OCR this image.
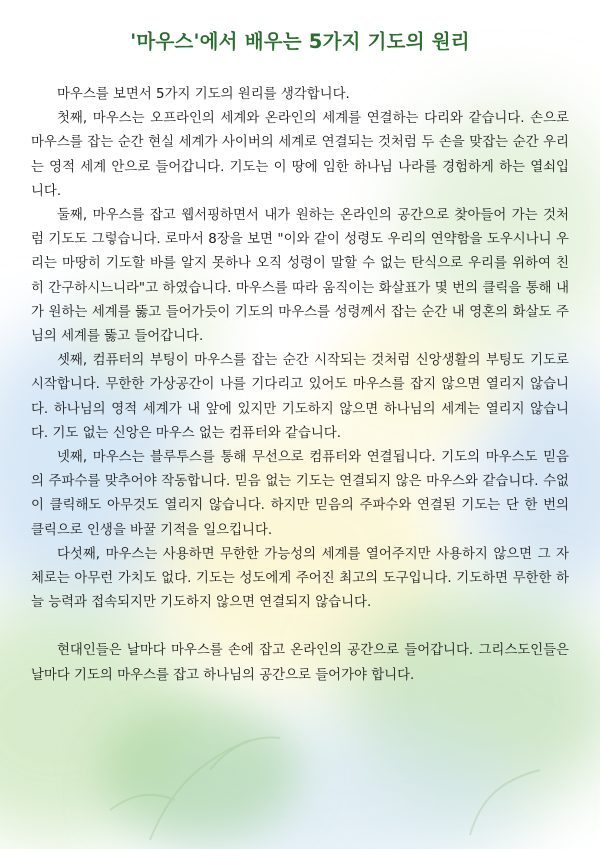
'마우스'에서 배우는 5가지 기도의 원리

마우스를 보면서 5가지 기도의 원리를 생각합니다.

첫째, 마우스는 오프라인의 세계와 온라인의 세계를 연결하는 다리와 같습니다. 손으로 마우스를 잡는 순간 현실 세계가 사이버의 세계로 연결되는 것처럼 두 손을 맞잡는 순간 우리는 영적 세계 안으로 들어갑니다. 기도는 이 땅에 임한 하나님 나라를 경험하게 하는 열쇠입니다.

둘째, 마우스를 잡고 웹서핑하면서 내가 원하는 온라인의 공간으로 찾아들어 가는 것처럼 기도도 그렇습니다. 로마서 8장을 보면 "이와 같이 성령도 우리의 연약함을 도우시나니 우리는 마땅히 기도할 바를 알지 못하나 오직 성령이 말할 수 없는 탄식으로 우리를 위하여 친히 간구하시느니라"고 하였습니다. 마우스를 따라 움직이는 화살표가 몇 번의 클릭을 통해 내가 원하는 세계를 뚫고 들어가듯이 기도의 마우스를 성령께서 잡는 순간 내 영혼의 화살도 주님의 세계를 뚫고 들어갑니다.

셋째, 컴퓨터의 부팅이 마우스를 잡는 순간 시작되는 것처럼 신앙생활의 부팅도 기도로 시작합니다. 무한한 가상공간이 나를 기다리고 있어도 마우스를 잡지 않으면 열리지 않습니다. 하나님의 영적 세계가 내 앞에 있지만 기도하지 않으면 하나님의 세계는 열리지 않습니다. 기도 없는 신앙은 마우스 없는 컴퓨터와 같습니다.

넷째, 마우스는 블루투스를 통해 무선으로 컴퓨터와 연결됩니다. 기도의 마우스도 믿음의 주파수를 맞추어야 작동합니다. 믿음 없는 기도는 연결되지 않은 마우스와 같습니다. 수없이 클릭해도 아무것도 열리지 않습니다. 하지만 믿음의 주파수와 연결된 기도는 단 한 번의 클릭으로 인생을 바꿀 기적을 일으킵니다.

다섯째, 마우스는 사용하면 무한한 가능성의 세계를 열어주지만 사용하지 않으면 그 자체로는 아무런 가치도 없다. 기도는 성도에게 주어진 최고의 도구입니다. 기도하면 무한한 하늘 능력과 접속되지만 기도하지 않으면 연결되지 않습니다.

현대인들은 날마다 마우스를 손에 잡고 온라인의 공간으로 들어갑니다. 그리스도인들은 날마다 기도의 마우스를 잡고 하나님의 공간으로 들어가야 합니다.
